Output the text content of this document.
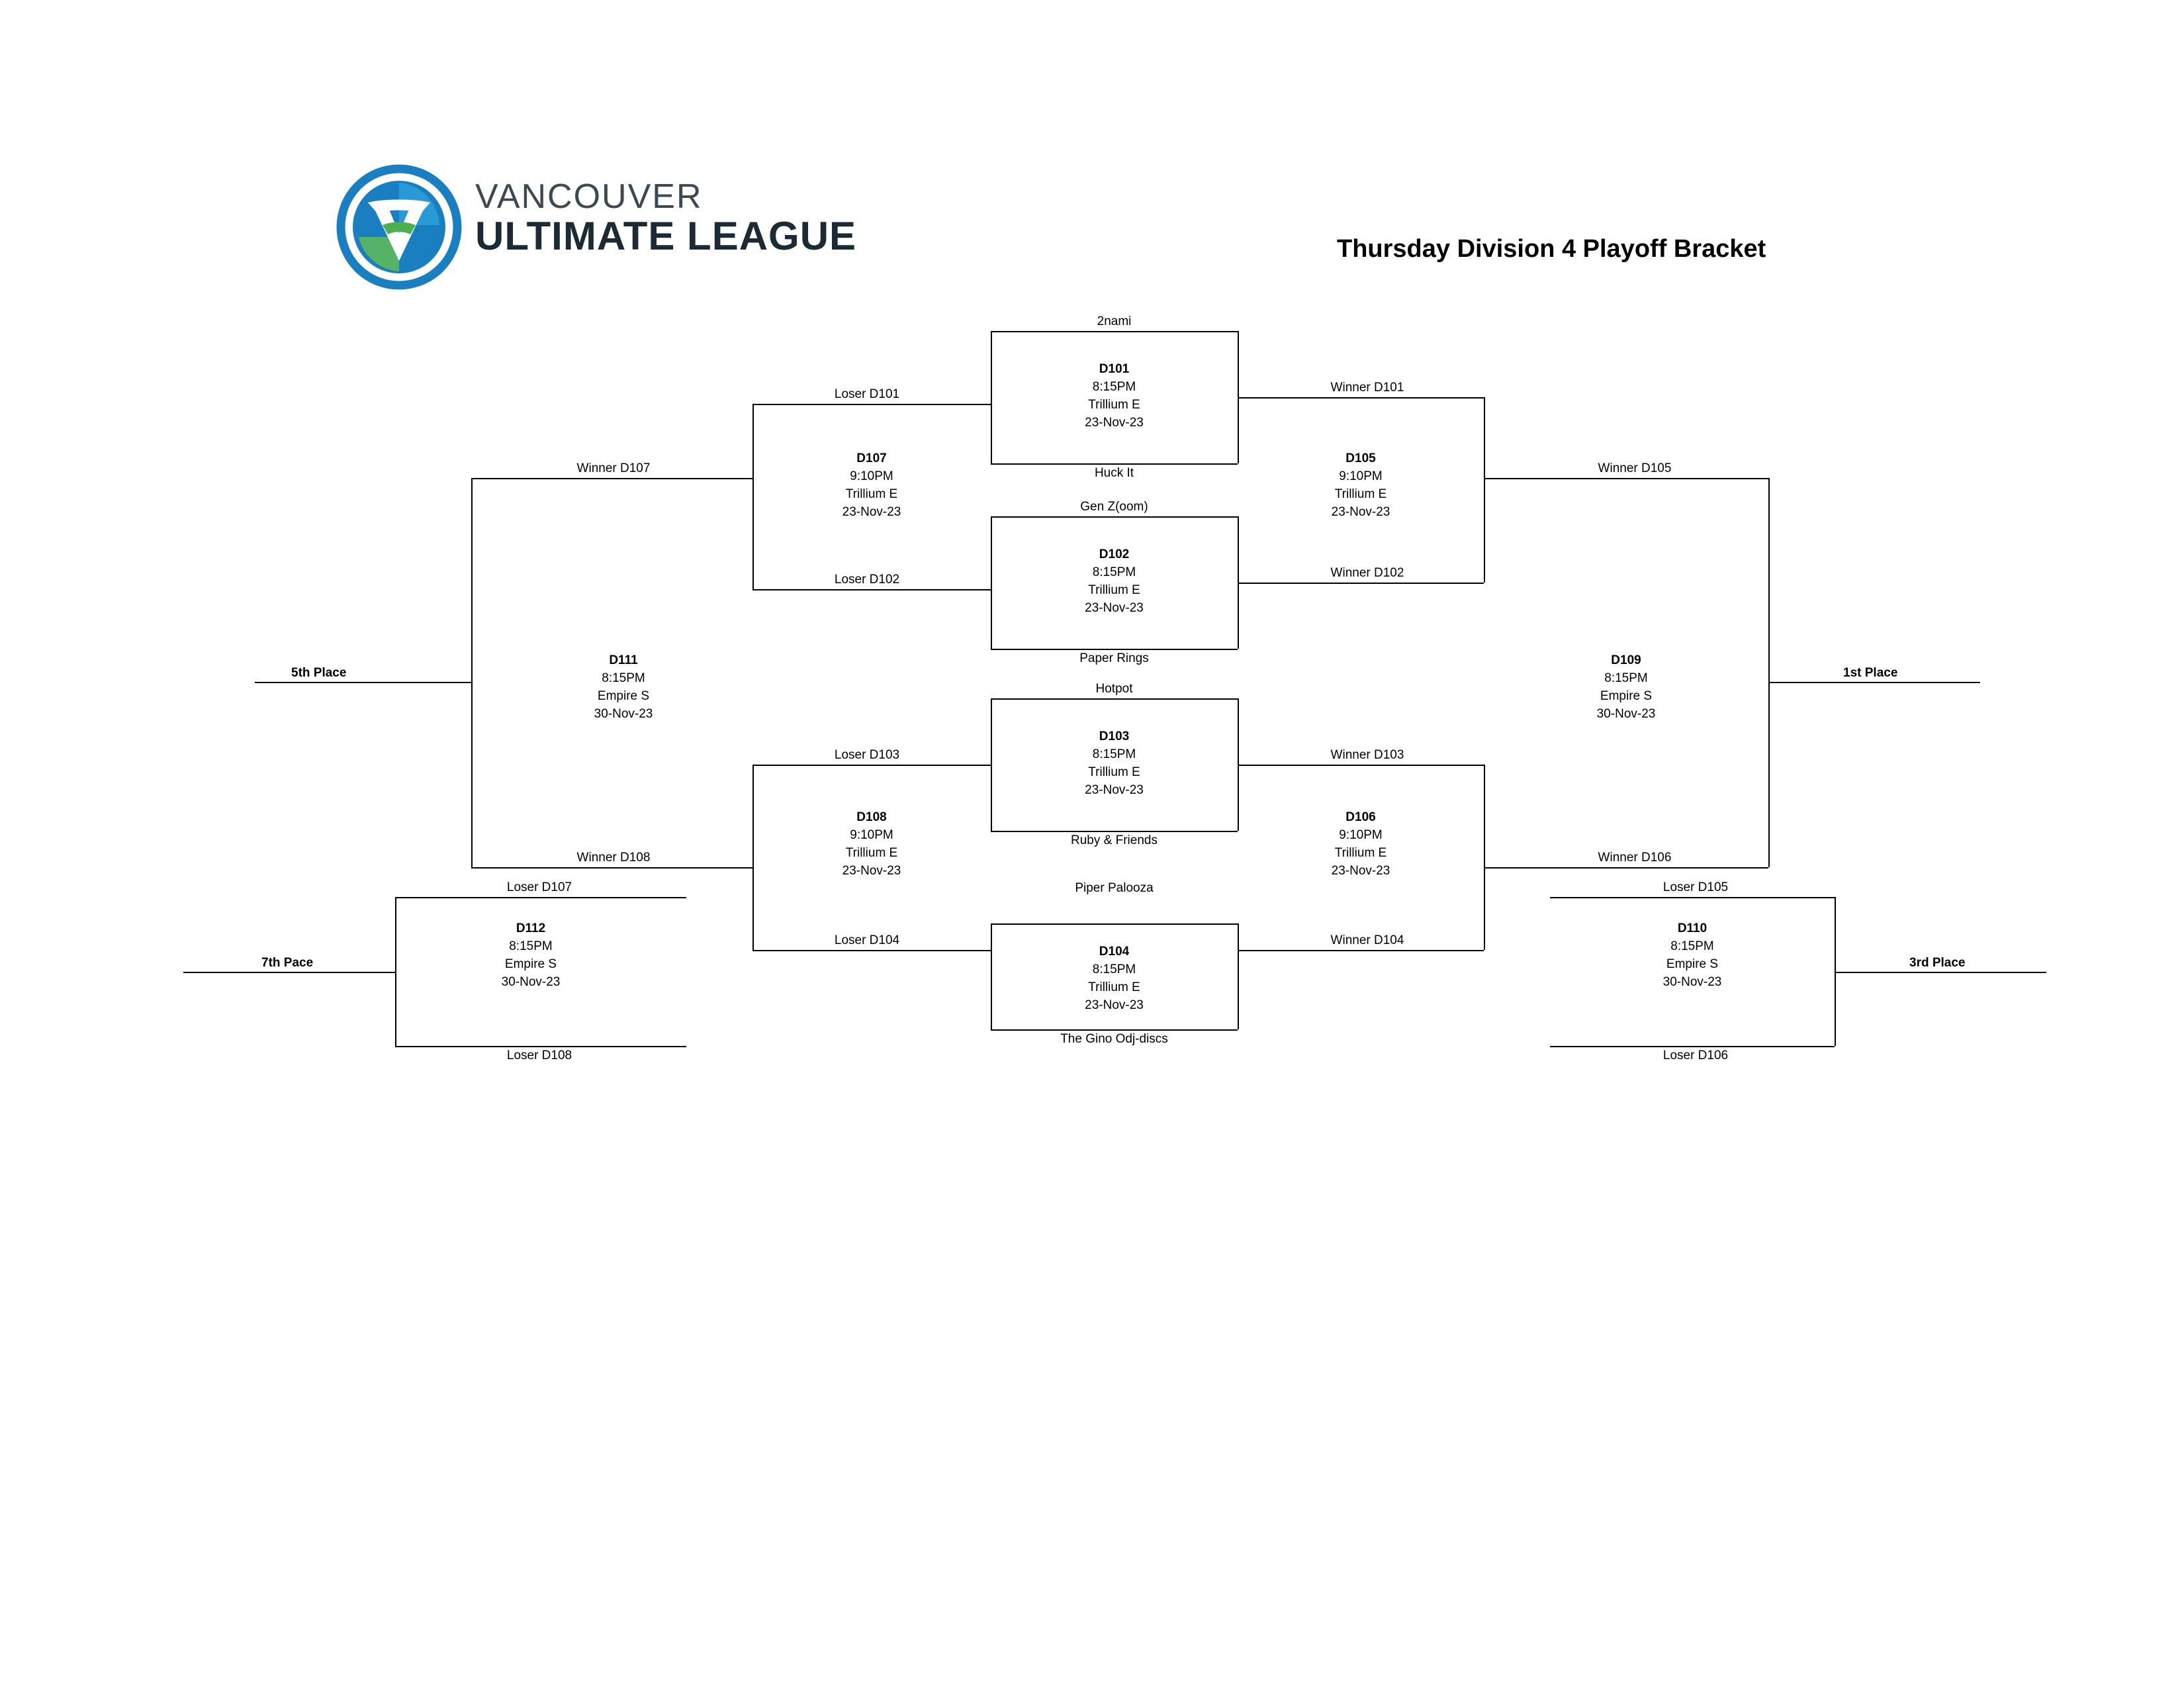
VANCOUVER
ULTIMATE LEAGUE	Thursday Division 4 Playoff Bracket
2nami
Huck It
D101
8:15PM
Trillium E
23-Nov-23
Gen Z(oom)
Paper Rings
D102
8:15PM
Trillium E
23-Nov-23
Hotpot
Ruby & Friends
D103
8:15PM
Trillium E
23-Nov-23
Piper Palooza
The Gino Odj-discs
D104
8:15PM
Trillium E
23-Nov-23
Winner D101
Winner D102
D105
9:10PM
Trillium E
23-Nov-23
Winner D103
Winner D104
D106
9:10PM
Trillium E
23-Nov-23
Loser D101
Loser D102
D107
9:10PM
Trillium E
23-Nov-23
Loser D103
Loser D104
D108
9:10PM
Trillium E
23-Nov-23
Winner D105
Winner D106
D109
8:15PM
Empire S
30-Nov-23
1st Place
Loser D105
Loser D106
D110
8:15PM
Empire S
30-Nov-23
3rd Place
Winner D107
Winner D108
D111
8:15PM
Empire S
30-Nov-23
5th Place
Loser D107
Loser D108
D112
8:15PM
Empire S
30-Nov-23
7th Pace
